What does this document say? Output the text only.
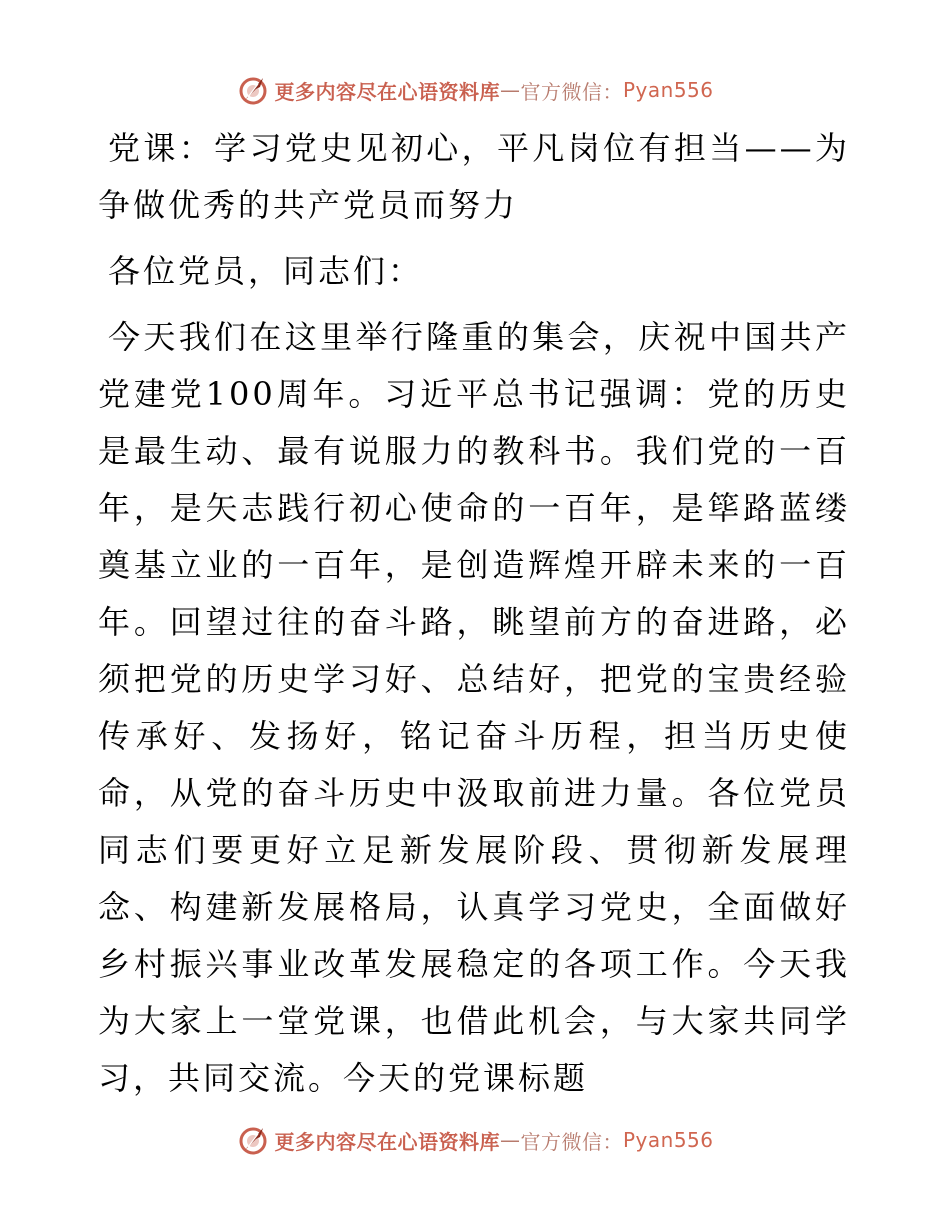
更多内容尽在心语资料库 — 官方微信： Pyan556

党课：学习党史见初心，平凡岗位有担当——为争做优秀的共产党员而努力

各位党员，同志们：

今天我们在这里举行隆重的集会，庆祝中国共产党建党100周年。习近平总书记强调：党的历史是最生动、最有说服力的教科书。我们党的一百年，是矢志践行初心使命的一百年，是筚路蓝缕奠基立业的一百年，是创造辉煌开辟未来的一百年。回望过往的奋斗路，眺望前方的奋进路，必须把党的历史学习好、总结好，把党的宝贵经验传承好、发扬好，铭记奋斗历程，担当历史使命，从党的奋斗历史中汲取前进力量。各位党员同志们要更好立足新发展阶段、贯彻新发展理念、构建新发展格局，认真学习党史，全面做好乡村振兴事业改革发展稳定的各项工作。今天我为大家上一堂党课，也借此机会，与大家共同学习，共同交流。今天的党课标题

更多内容尽在心语资料库 — 官方微信： Pyan556
